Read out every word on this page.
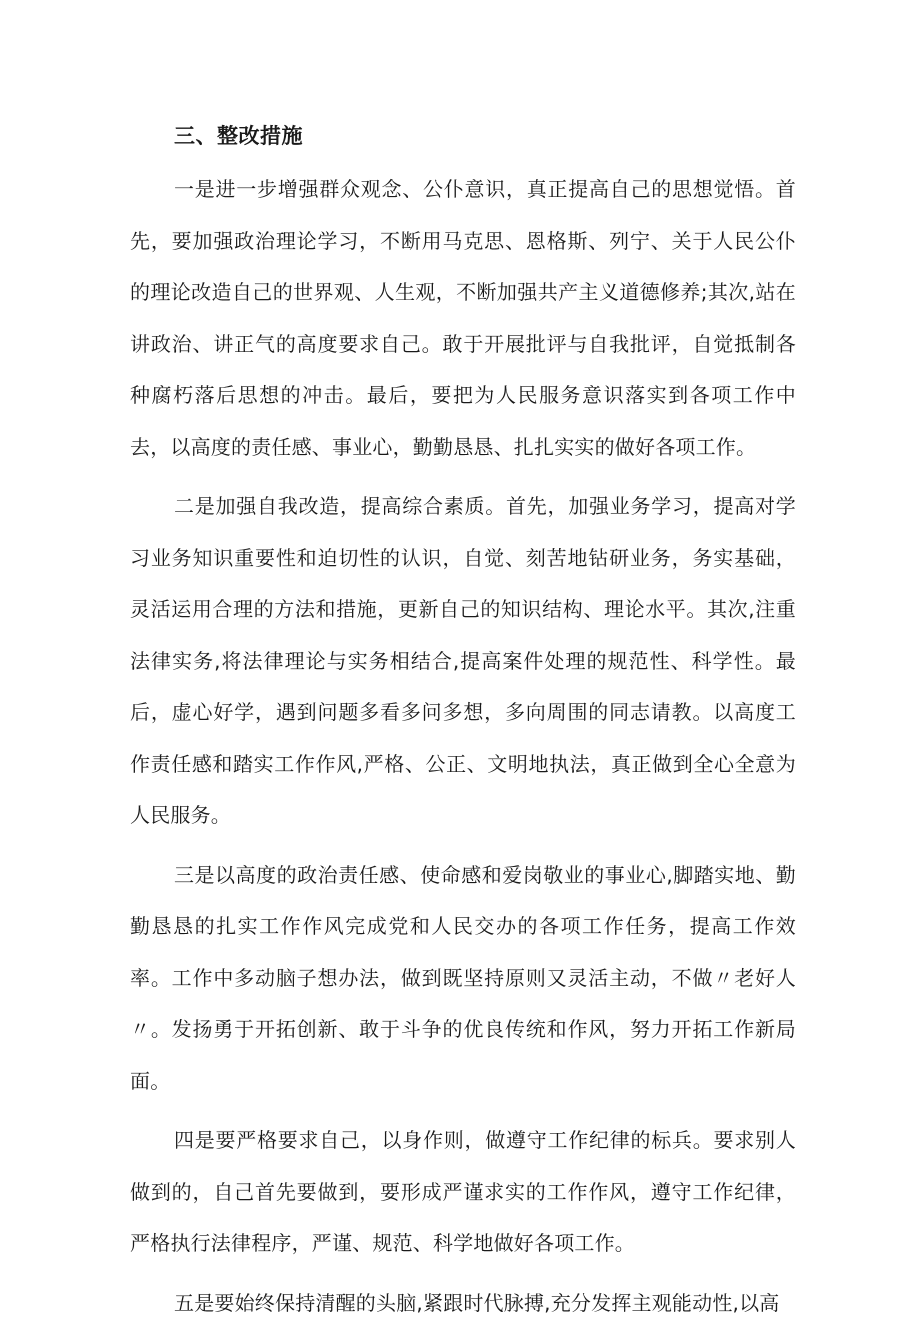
三、整改措施

一是进一步增强群众观念、公仆意识，真正提高自己的思想觉悟。首先，要加强政治理论学习，不断用马克思、恩格斯、列宁、关于人民公仆的理论改造自己的世界观、人生观，不断加强共产主义道德修养;其次,站在讲政治、讲正气的高度要求自己。敢于开展批评与自我批评，自觉抵制各种腐朽落后思想的冲击。最后，要把为人民服务意识落实到各项工作中去，以高度的责任感、事业心，勤勤恳恳、扎扎实实的做好各项工作。

二是加强自我改造，提高综合素质。首先，加强业务学习，提高对学习业务知识重要性和迫切性的认识，自觉、刻苦地钻研业务，务实基础，灵活运用合理的方法和措施，更新自己的知识结构、理论水平。其次,注重法律实务,将法律理论与实务相结合,提高案件处理的规范性、科学性。最后，虚心好学，遇到问题多看多问多想，多向周围的同志请教。以高度工作责任感和踏实工作作风,严格、公正、文明地执法，真正做到全心全意为人民服务。

三是以高度的政治责任感、使命感和爱岗敬业的事业心,脚踏实地、勤勤恳恳的扎实工作作风完成党和人民交办的各项工作任务，提高工作效率。工作中多动脑子想办法，做到既坚持原则又灵活主动，不做〃老好人〃。发扬勇于开拓创新、敢于斗争的优良传统和作风，努力开拓工作新局面。

四是要严格要求自己，以身作则，做遵守工作纪律的标兵。要求别人做到的，自己首先要做到，要形成严谨求实的工作作风，遵守工作纪律，严格执行法律程序，严谨、规范、科学地做好各项工作。

五是要始终保持清醒的头脑,紧跟时代脉搏,充分发挥主观能动性,以高
